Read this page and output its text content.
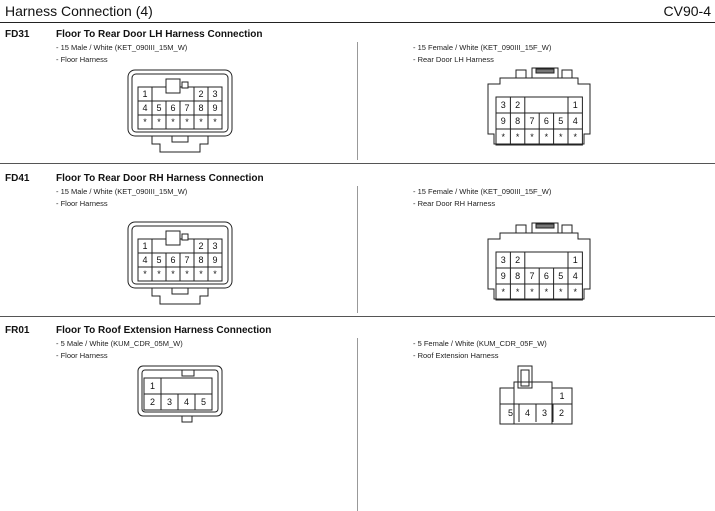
Harness Connection (4)	CV90-4
FD31	Floor To Rear Door LH Harness Connection
- 15 Male / White (KET_090III_15M_W)
- Floor Harness
- 15 Female / White (KET_090III_15F_W)
- Rear Door LH Harness
FD41	Floor To Rear Door RH Harness Connection
- 15 Male / White (KET_090III_15M_W)
- Floor Harness
- 15 Female / White (KET_090III_15F_W)
- Rear Door RH Harness
FR01	Floor To Roof Extension Harness Connection
- 5 Male / White (KUM_CDR_05M_W)
- Floor Harness
- 5 Female / White (KUM_CDR_05F_W)
- Roof Extension Harness
1	2 3
4 5 6 7 8 9
* * * * * *
3 2	1
9 8 7 6 5 4
* * * * * *
1	2 3
4 5 6 7 8 9
* * * * * *
3 2	1
9 8 7 6 5 4
* * * * * *
1
2 3 4 5
1
5 4 3 2
